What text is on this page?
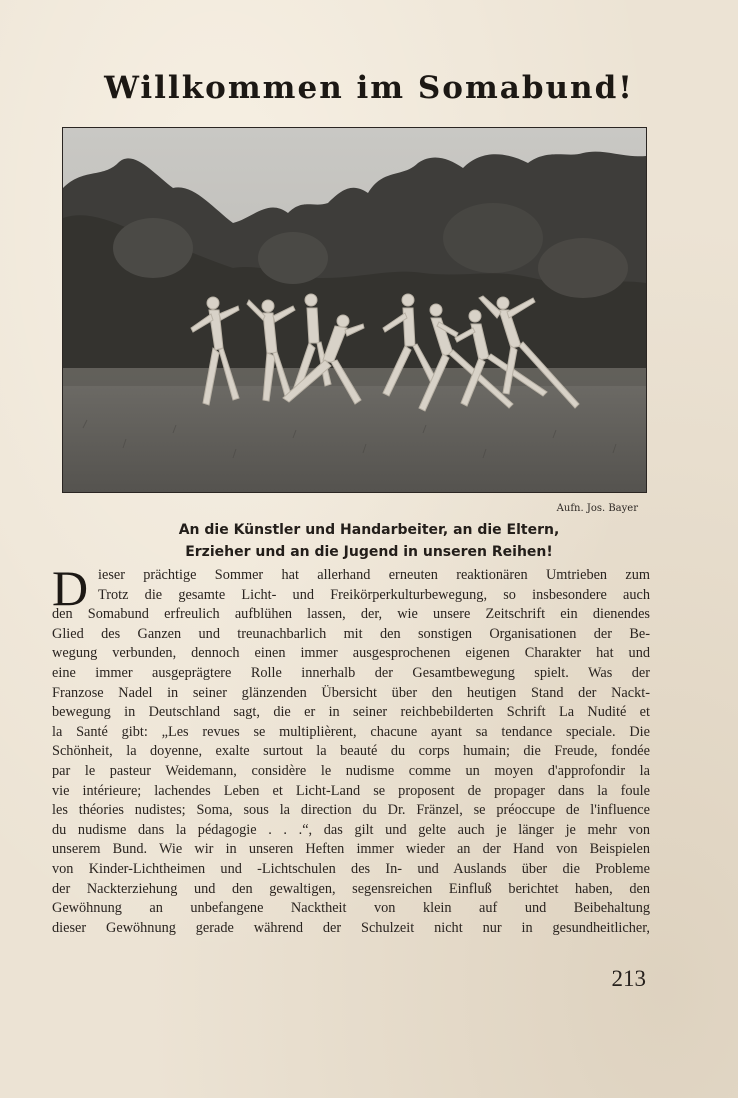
Willkommen im Somabund!
Aufn. Jos. Bayer
An die Künstler und Handarbeiter, an die Eltern,
Erzieher und an die Jugend in unseren Reihen!
D ieser prächtige Sommer hat allerhand erneuten reaktionären Umtrieben zum
Trotz die gesamte Licht- und Freikörperkulturbewegung, so insbesondere auch
den Somabund erfreulich aufblühen lassen, der, wie unsere Zeitschrift ein dienendes
Glied des Ganzen und treunachbarlich mit den sonstigen Organisationen der Be-
wegung verbunden, dennoch einen immer ausgesprochenen eigenen Charakter hat und
eine immer ausgeprägtere Rolle innerhalb der Gesamtbewegung spielt. Was der
Franzose Nadel in seiner glänzenden Übersicht über den heutigen Stand der Nackt-
bewegung in Deutschland sagt, die er in seiner reichbebilderten Schrift La Nudité et
la Santé gibt: „Les revues se multiplièrent, chacune ayant sa tendance speciale. Die
Schönheit, la doyenne, exalte surtout la beauté du corps humain; die Freude, fondée
par le pasteur Weidemann, considère le nudisme comme un moyen d'approfondir la
vie intérieure; lachendes Leben et Licht-Land se proposent de propager dans la foule
les théories nudistes; Soma, sous la direction du Dr. Fränzel, se préoccupe de l'influence
du nudisme dans la pédagogie . . .“, das gilt und gelte auch je länger je mehr von
unserem Bund. Wie wir in unseren Heften immer wieder an der Hand von Beispielen
von Kinder-Lichtheimen und -Lichtschulen des In- und Auslands über die Probleme
der Nackterziehung und den gewaltigen, segensreichen Einfluß berichtet haben, den
Gewöhnung an unbefangene Nacktheit von klein auf und Beibehaltung
dieser Gewöhnung gerade während der Schulzeit nicht nur in gesundheitlicher,
213
